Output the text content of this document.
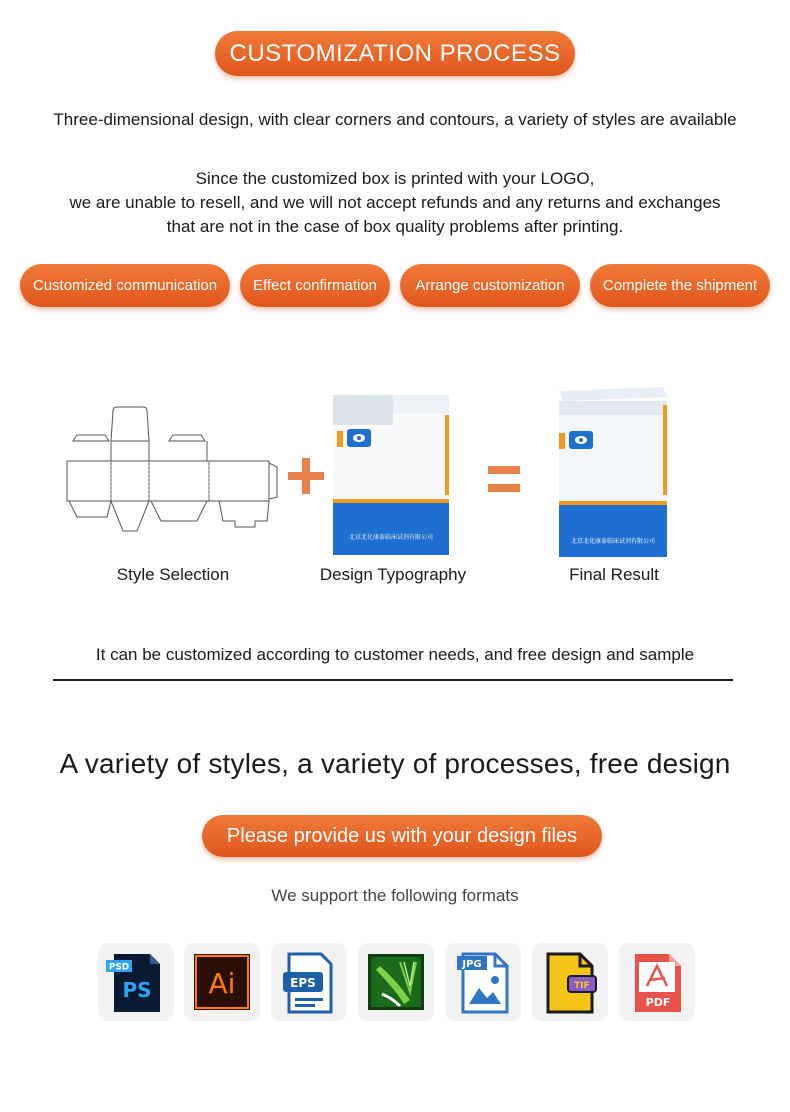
CUSTOMIZATION PROCESS
Three-dimensional design, with clear corners and contours, a variety of styles are available
Since the customized box is printed with your LOGO,
we are unable to resell, and we will not accept refunds and any returns and exchanges
that are not in the case of box quality problems after printing.
Customized communication	Effect confirmation	Arrange customization	Complete the shipment
北京北化康泰临床试剂有限公司
北京北化康泰临床试剂有限公司
Style Selection	Design Typography	Final Result
It can be customized according to customer needs, and free design and sample
A variety of styles, a variety of processes, free design
Please provide us with your design files
We support the following formats
PSD
PS Ai	EPS
JPG
TIF
PDF
